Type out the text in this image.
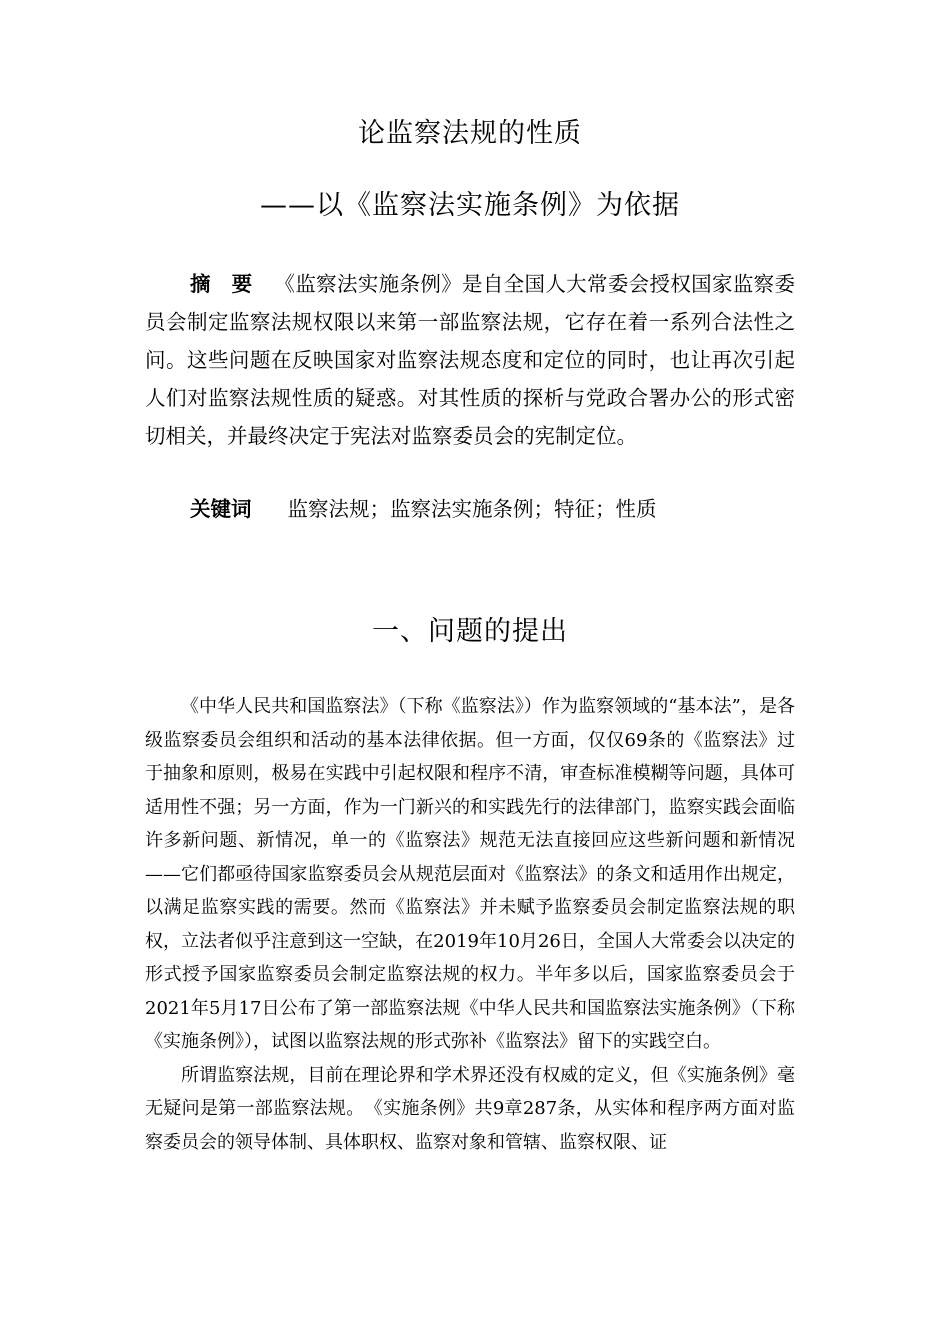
论监察法规的性质
——以《监察法实施条例》为依据
摘　要 《监察法实施条例》是自全国人大常委会授权国家监察委员会制定监察法规权限以来第一部监察法规，它存在着一系列合法性之问。这些问题在反映国家对监察法规态度和定位的同时，也让再次引起人们对监察法规性质的疑惑。对其性质的探析与党政合署办公的形式密切相关，并最终决定于宪法对监察委员会的宪制定位。
关键词 监察法规；监察法实施条例；特征；性质
一、问题的提出

《中华人民共和国监察法》（下称《监察法》）作为监察领域的“基本法”，是各级监察委员会组织和活动的基本法律依据。但一方面，仅仅69条的《监察法》过于抽象和原则，极易在实践中引起权限和程序不清，审查标准模糊等问题，具体可适用性不强；另一方面，作为一门新兴的和实践先行的法律部门，监察实践会面临许多新问题、新情况，单一的《监察法》规范无法直接回应这些新问题和新情况——它们都亟待国家监察委员会从规范层面对《监察法》的条文和适用作出规定，以满足监察实践的需要。然而《监察法》并未赋予监察委员会制定监察法规的职权，立法者似乎注意到这一空缺，在2019年10月26日，全国人大常委会以决定的形式授予国家监察委员会制定监察法规的权力。半年多以后，国家监察委员会于2021年5月17日公布了第一部监察法规《中华人民共和国监察法实施条例》（下称《实施条例》），试图以监察法规的形式弥补《监察法》留下的实践空白。

所谓监察法规，目前在理论界和学术界还没有权威的定义，但《实施条例》毫无疑问是第一部监察法规。　《实施条例》共9章287条，从实体和程序两方面对监察委员会的领导体制、具体职权、监察对象和管辖、监察权限、证
